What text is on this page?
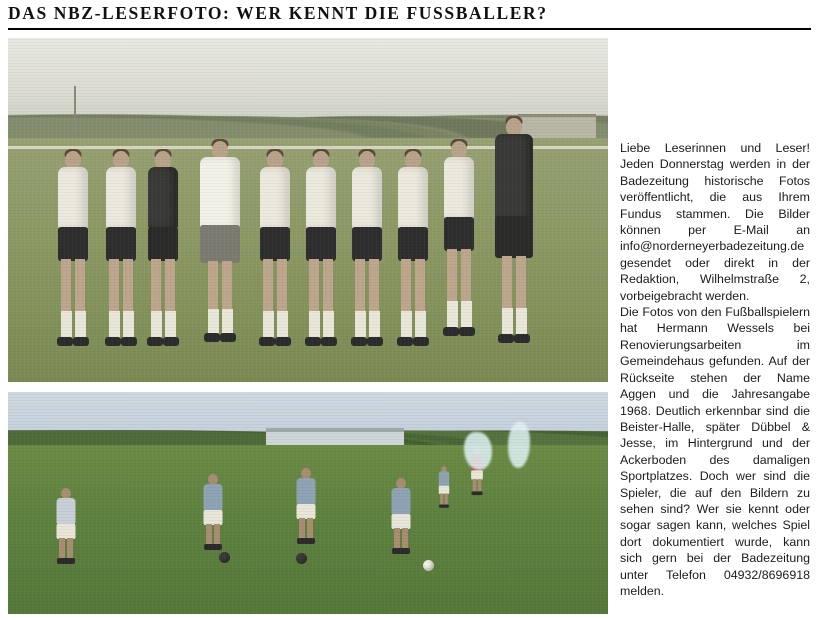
DAS NBZ-LESERFOTO: WER KENNT DIE FUSSBALLER?

Liebe Leserinnen und Leser! Jeden Donnerstag werden in der Badezeitung historische Fotos veröffentlicht, die aus Ihrem Fundus stammen. Die Bilder können per E-Mail an info@norderneyerbadezeitung.de gesendet oder direkt in der Redaktion, Wilhelmstraße 2, vorbeigebracht werden.

Die Fotos von den Fußballspielern hat Hermann Wessels bei Renovierungsarbeiten im Gemeindehaus gefunden. Auf der Rückseite stehen der Name Aggen und die Jahresangabe 1968. Deutlich erkennbar sind die Beister-Halle, später Dübbel & Jesse, im Hintergrund und der Ackerboden des damaligen Sportplatzes. Doch wer sind die Spieler, die auf den Bildern zu sehen sind? Wer sie kennt oder sogar sagen kann, welches Spiel dort dokumentiert wurde, kann sich gern bei der Badezeitung unter Telefon 04932/8696918 melden.
